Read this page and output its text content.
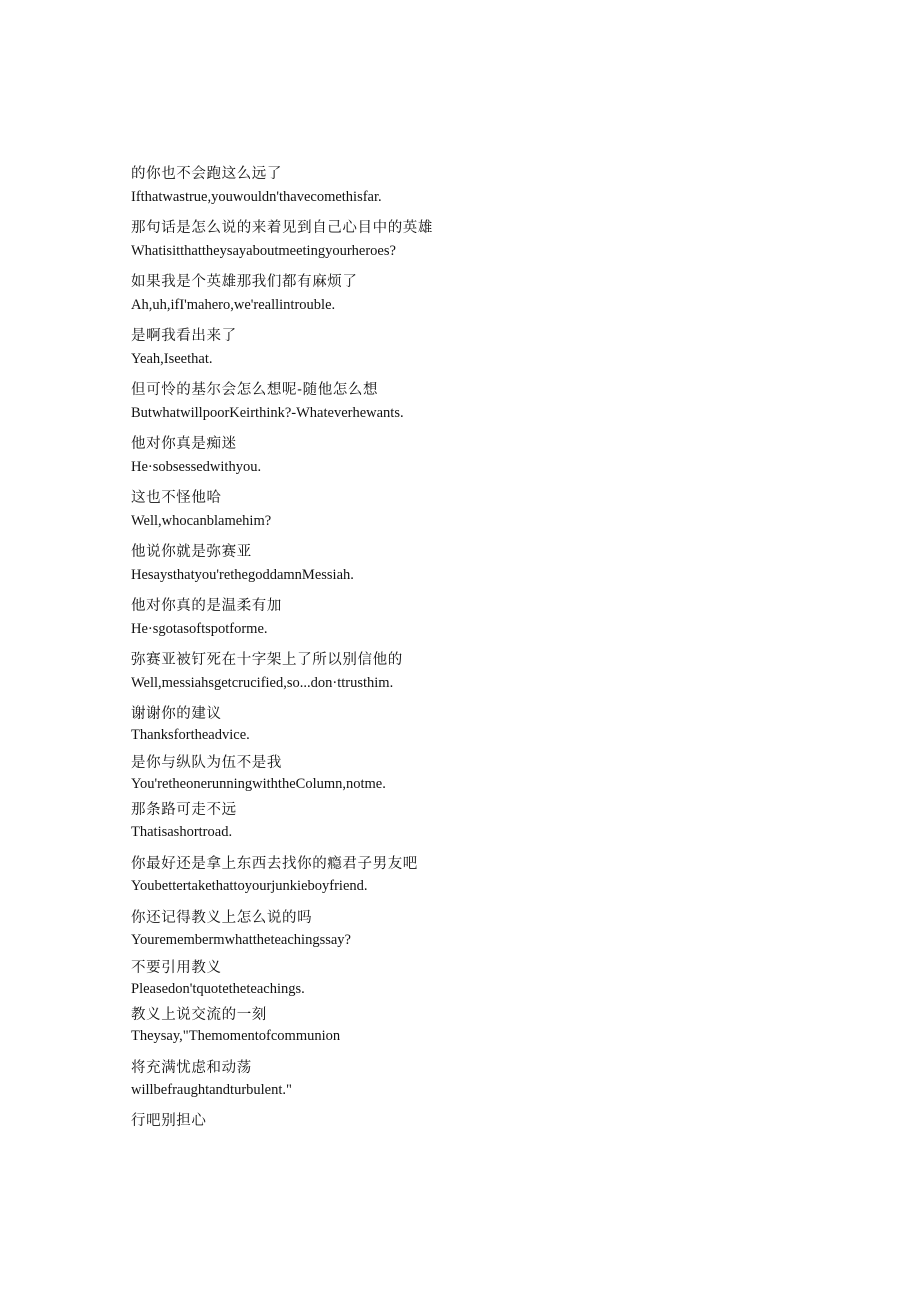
的你也不会跑这么远了

Ifthatwastrue,youwouldn'thavecomethisfar.

那句话是怎么说的来着见到自己心目中的英雄

Whatisitthattheysayaboutmeetingyourheroes?

如果我是个英雄那我们都有麻烦了

Ah,uh,ifI'mahero,we'reallintrouble.

是啊我看出来了

Yeah,Iseethat.

但可怜的基尔会怎么想呢-随他怎么想

ButwhatwillpoorKeirthink?-Whateverhewants.

他对你真是痴迷

He·sobsessedwithyou.

这也不怪他哈

Well,whocanblamehim?

他说你就是弥赛亚

Hesaysthatyou'rethegoddamnMessiah.

他对你真的是温柔有加

He·sgotasoftspotforme.

弥赛亚被钉死在十字架上了所以别信他的

Well,messiahsgetcrucified,so...don·ttrusthim.

谢谢你的建议

Thanksfortheadvice.

是你与纵队为伍不是我

You'retheonerunningwiththeColumn,notme.

那条路可走不远

Thatisashortroad.

你最好还是拿上东西去找你的瘾君子男友吧

Youbettertakethattoyourjunkieboyfriend.

你还记得教义上怎么说的吗

Youremembermwhattheteachingssay?

不要引用教义

Pleasedon'tquotetheteachings.

教义上说交流的一刻

Theysay,"Themomentofcommunion

将充满忧虑和动荡

willbefraughtandturbulent."

行吧别担心
